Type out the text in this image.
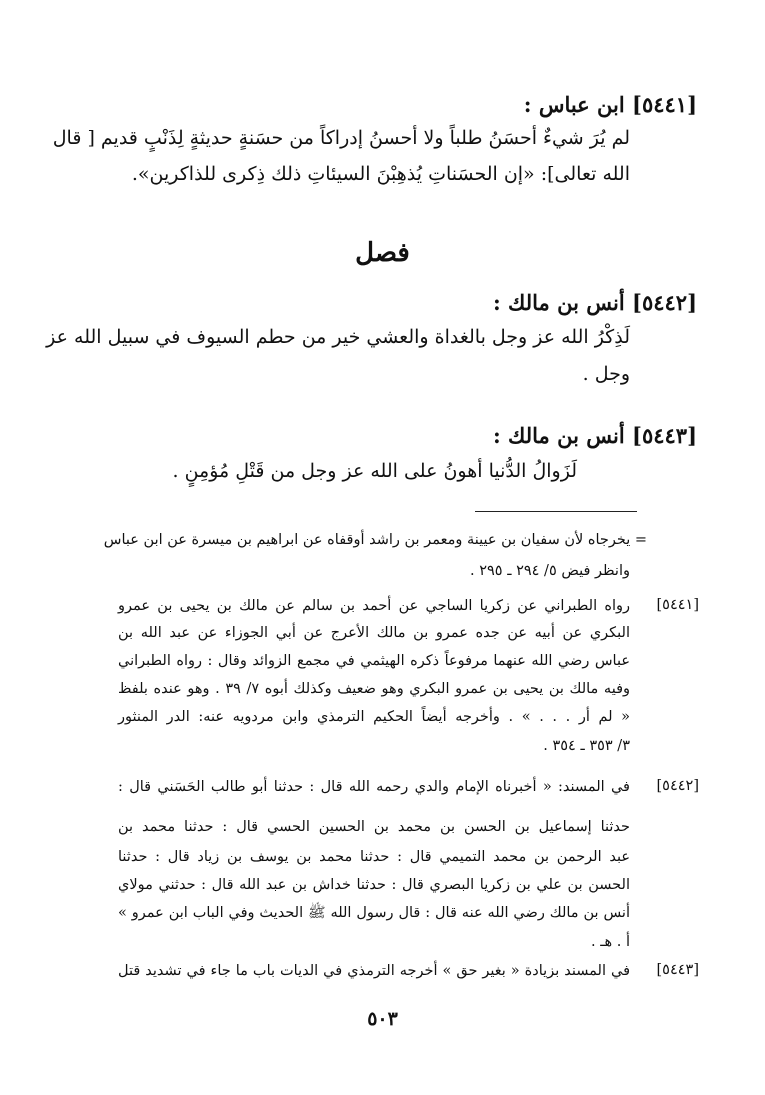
[٥٤٤١] ابن عباس :
لم يُرَ شيءٌ أحسَنُ طلباً ولا أحسنُ إدراكاً من حسَنةٍ حديثةٍ لِذَنْبٍ قديم [ قال
الله تعالى]: «إن الحسَناتِ يُذهِبْنَ السيئاتِ ذلك ذِكرى للذاكرين».
فصل
[٥٤٤٢] أنس بن مالك :
لَذِكْرُ الله عز وجل بالغداة والعشي خير من حطم السيوف في سبيل الله عز
وجل .
[٥٤٤٣] أنس بن مالك :
لَزَوالُ الدُّنيا أهونُ على الله عز وجل من قَتْلِ مُؤمِنٍ .
= يخرجاه لأن سفيان بن عيينة ومعمر بن راشد أوقفاه عن ابراهيم بن ميسرة عن ابن عباس
وانظر فيض ٥/ ٢٩٤ ـ ٢٩٥ .
[٥٤٤١]
رواه الطبراني عن زكريا الساجي عن أحمد بن سالم عن مالك بن يحيى بن عمرو
البكري عن أبيه عن جده عمرو بن مالك الأعرج عن أبي الجوزاء عن عبد الله بن
عباس رضي الله عنهما مرفوعاً ذكره الهيثمي في مجمع الزوائد وقال : رواه الطبراني
وفيه مالك بن يحيى بن عمرو البكري وهو ضعيف وكذلك أبوه ٧/ ٣٩ . وهو عنده بلفظ
« لم أر . . . » . وأخرجه أيضاً الحكيم الترمذي وابن مردويه عنه: الدر المنثور
٣/ ٣٥٣ ـ ٣٥٤ .
[٥٤٤٢]
في المسند: « أخبرناه الإمام والدي رحمه الله قال : حدثنا أبو طالب الحَسَني قال :
حدثنا إسماعيل بن الحسن بن محمد بن الحسين الحسي قال : حدثنا محمد بن
عبد الرحمن بن محمد التميمي قال : حدثنا محمد بن يوسف بن زياد قال : حدثنا
الحسن بن علي بن زكريا البصري قال : حدثنا خداش بن عبد الله قال : حدثني مولاي
أنس بن مالك رضي الله عنه قال : قال رسول الله ﷺ الحديث وفي الباب ابن عمرو »
أ . هـ .
[٥٤٤٣]
في المسند بزيادة « بغير حق » أخرجه الترمذي في الديات باب ما جاء في تشديد قتل
٥٠٣
